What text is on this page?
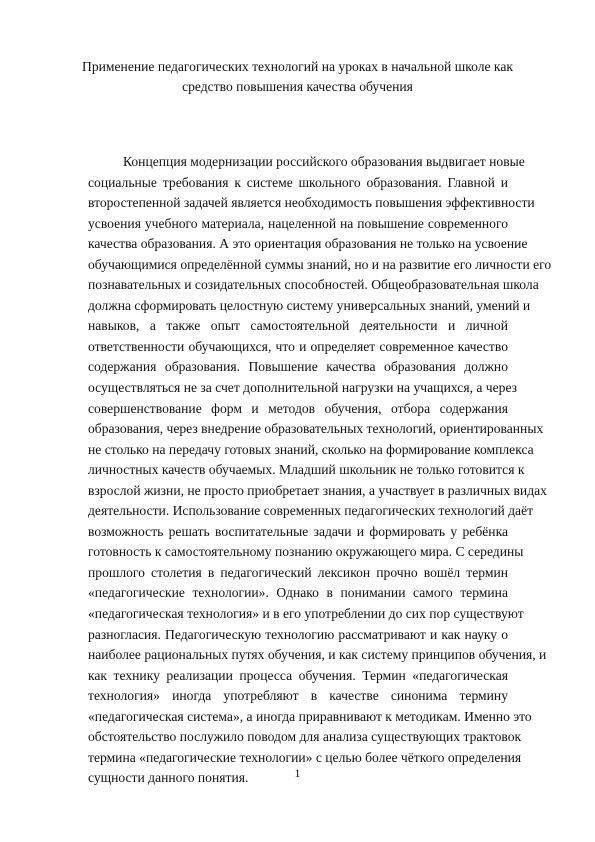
Применение педагогических технологий на уроках в начальной школе как
средство повышения качества обучения
Концепция модернизации российского образования выдвигает новые
социальные требования к системе школьного образования. Главной и
второстепенной задачей является необходимость повышения эффективности
усвоения учебного материала, нацеленной на повышение современного
качества образования. А это ориентация образования не только на усвоение
обучающимися определённой суммы знаний, но и на развитие его личности его
познавательных и созидательных способностей. Общеобразовательная школа
должна сформировать целостную систему универсальных знаний, умений и
навыков, а также опыт самостоятельной деятельности и личной
ответственности обучающихся, что и определяет современное качество
содержания образования. Повышение качества образования должно
осуществляться не за счет дополнительной нагрузки на учащихся, а через
совершенствование форм и методов обучения, отбора содержания
образования, через внедрение образовательных технологий, ориентированных
не столько на передачу готовых знаний, сколько на формирование комплекса
личностных качеств обучаемых. Младший школьник не только готовится к
взрослой жизни, не просто приобретает знания, а участвует в различных видах
деятельности. Использование современных педагогических технологий даёт
возможность решать воспитательные задачи и формировать у ребёнка
готовность к самостоятельному познанию окружающего мира. С середины
прошлого столетия в педагогический лексикон прочно вошёл термин
«педагогические технологии». Однако в понимании самого термина
«педагогическая технология» и в его употреблении до сих пор существуют
разногласия. Педагогическую технологию рассматривают и как науку о
наиболее рациональных путях обучения, и как систему принципов обучения, и
как технику реализации процесса обучения. Термин «педагогическая
технология» иногда употребляют в качестве синонима термину
«педагогическая система», а иногда приравнивают к методикам. Именно это
обстоятельство послужило поводом для анализа существующих трактовок
термина «педагогические технологии» с целью более чёткого определения
сущности данного понятия.	1
